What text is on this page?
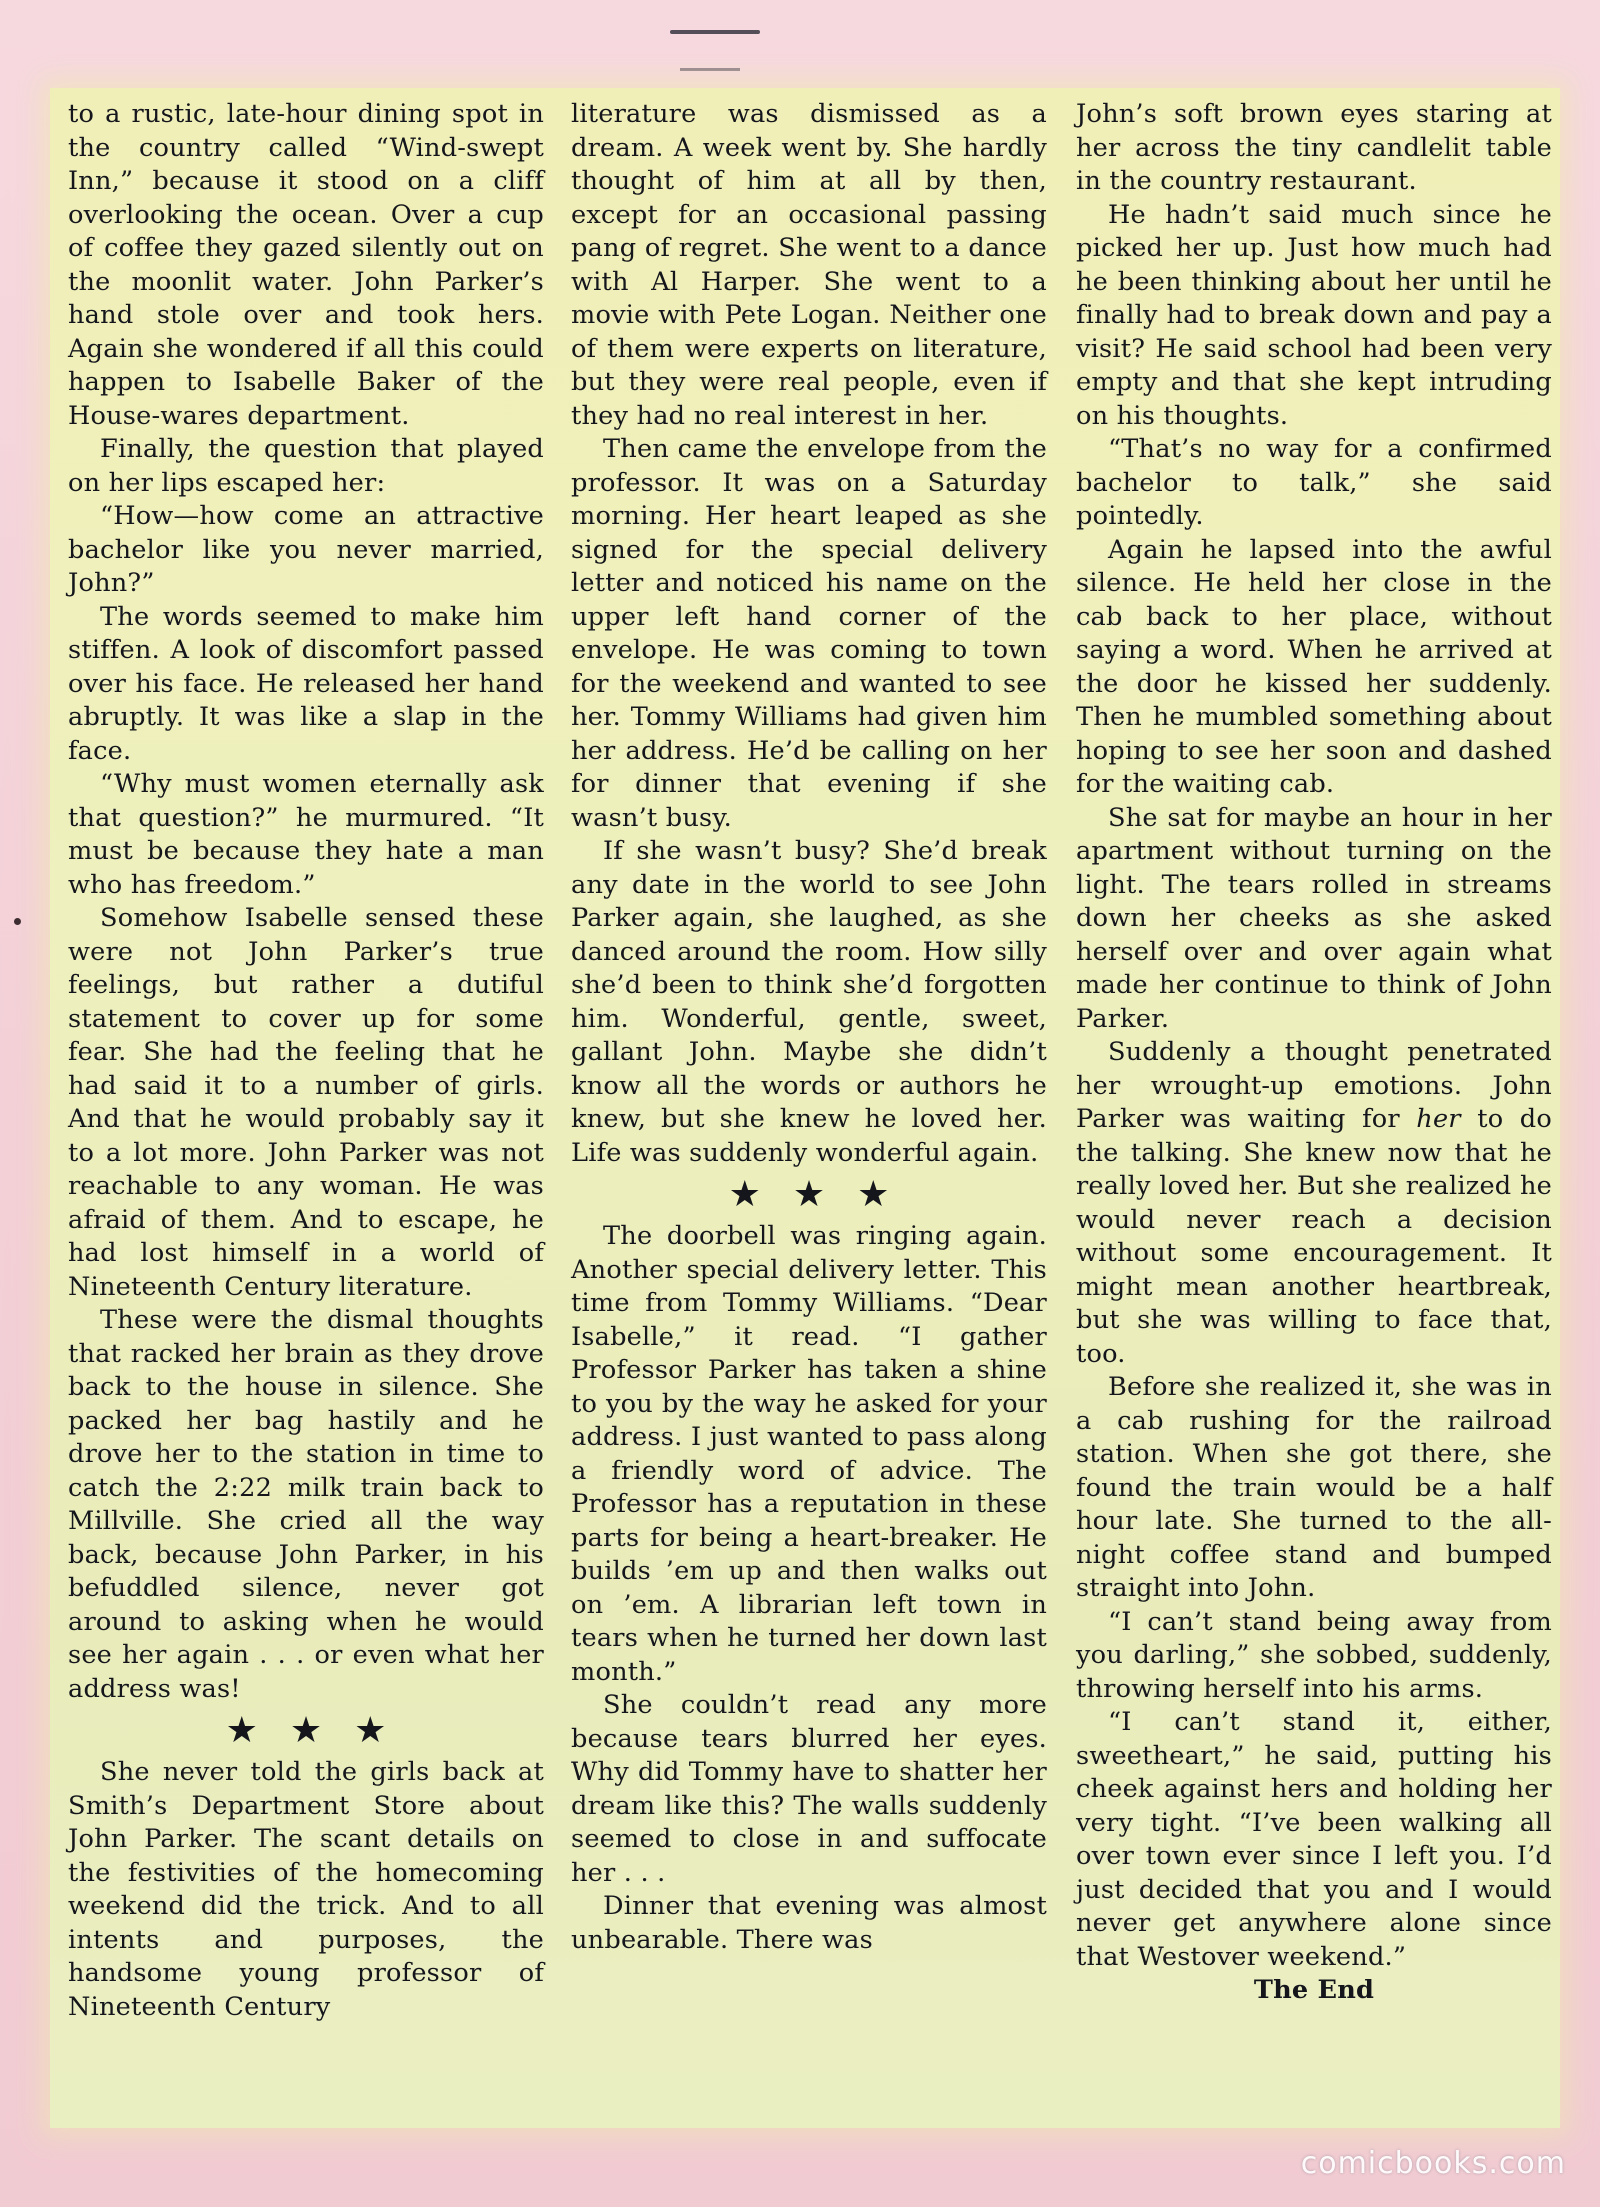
to a rustic, late-hour dining spot in the country called “Wind-swept Inn,” because it stood on a cliff overlooking the ocean. Over a cup of coffee they gazed silently out on the moonlit water. John Parker’s hand stole over and took hers. Again she wondered if all this could happen to Isabelle Baker of the House-wares department.

Finally, the question that played on her lips escaped her:

“How—how come an attractive bachelor like you never married, John?”

The words seemed to make him stiffen. A look of discomfort passed over his face. He released her hand abruptly. It was like a slap in the face.

“Why must women eternally ask that question?” he murmured. “It must be because they hate a man who has freedom.”

Somehow Isabelle sensed these were not John Parker’s true feelings, but rather a dutiful statement to cover up for some fear. She had the feeling that he had said it to a number of girls. And that he would probably say it to a lot more. John Parker was not reachable to any woman. He was afraid of them. And to escape, he had lost himself in a world of Nineteenth Century literature.

These were the dismal thoughts that racked her brain as they drove back to the house in silence. She packed her bag hastily and he drove her to the station in time to catch the 2:22 milk train back to Millville. She cried all the way back, because John Parker, in his befuddled silence, never got around to asking when he would see her again . . . or even what her address was!

★★★

She never told the girls back at Smith’s Department Store about John Parker. The scant details on the festivities of the homecoming weekend did the trick. And to all intents and purposes, the handsome young professor of Nineteenth Century

literature was dismissed as a dream. A week went by. She hardly thought of him at all by then, except for an occasional passing pang of regret. She went to a dance with Al Harper. She went to a movie with Pete Logan. Neither one of them were experts on literature, but they were real people, even if they had no real interest in her.

Then came the envelope from the professor. It was on a Saturday morning. Her heart leaped as she signed for the special delivery letter and noticed his name on the upper left hand corner of the envelope. He was coming to town for the weekend and wanted to see her. Tommy Williams had given him her address. He’d be calling on her for dinner that evening if she wasn’t busy.

If she wasn’t busy? She’d break any date in the world to see John Parker again, she laughed, as she danced around the room. How silly she’d been to think she’d forgotten him. Wonderful, gentle, sweet, gallant John. Maybe she didn’t know all the words or authors he knew, but she knew he loved her. Life was suddenly wonderful again.

★★★

The doorbell was ringing again. Another special delivery letter. This time from Tommy Williams. “Dear Isabelle,” it read. “I gather Professor Parker has taken a shine to you by the way he asked for your address. I just wanted to pass along a friendly word of advice. The Professor has a reputation in these parts for being a heart-breaker. He builds ’em up and then walks out on ’em. A librarian left town in tears when he turned her down last month.”

She couldn’t read any more because tears blurred her eyes. Why did Tommy have to shatter her dream like this? The walls suddenly seemed to close in and suffocate her . . .

Dinner that evening was almost unbearable. There was

John’s soft brown eyes staring at her across the tiny candlelit table in the country restaurant.

He hadn’t said much since he picked her up. Just how much had he been thinking about her until he finally had to break down and pay a visit? He said school had been very empty and that she kept intruding on his thoughts.

“That’s no way for a confirmed bachelor to talk,” she said pointedly.

Again he lapsed into the awful silence. He held her close in the cab back to her place, without saying a word. When he arrived at the door he kissed her suddenly. Then he mumbled something about hoping to see her soon and dashed for the waiting cab.

She sat for maybe an hour in her apartment without turning on the light. The tears rolled in streams down her cheeks as she asked herself over and over again what made her continue to think of John Parker.

Suddenly a thought penetrated her wrought-up emotions. John Parker was waiting for her to do the talking. She knew now that he really loved her. But she realized he would never reach a decision without some encouragement. It might mean another heartbreak, but she was willing to face that, too.

Before she realized it, she was in a cab rushing for the railroad station. When she got there, she found the train would be a half hour late. She turned to the all-night coffee stand and bumped straight into John.

“I can’t stand being away from you darling,” she sobbed, suddenly, throwing herself into his arms.

“I can’t stand it, either, sweetheart,” he said, putting his cheek against hers and holding her very tight. “I’ve been walking all over town ever since I left you. I’d just decided that you and I would never get anywhere alone since that Westover weekend.”

The End

comicbooks.com
